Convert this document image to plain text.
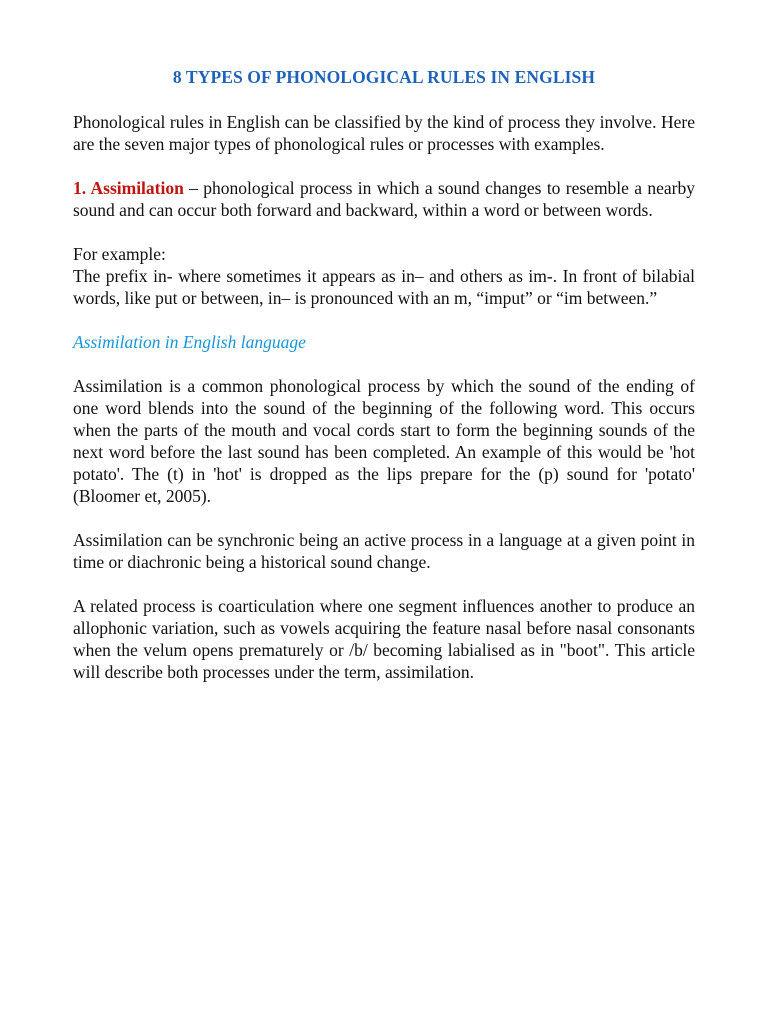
8 TYPES OF PHONOLOGICAL RULES IN ENGLISH

Phonological rules in English can be classified by the kind of process they involve. Here are the seven major types of phonological rules or processes with examples.

1. Assimilation – phonological process in which a sound changes to resemble a nearby sound and can occur both forward and backward, within a word or between words.

For example:

The prefix in- where sometimes it appears as in– and others as im-. In front of bilabial words, like put or between, in– is pronounced with an m, “imput” or “im between.”

Assimilation in English language

Assimilation is a common phonological process by which the sound of the ending of one word blends into the sound of the beginning of the following word. This occurs when the parts of the mouth and vocal cords start to form the beginning sounds of the next word before the last sound has been completed. An example of this would be 'hot potato'. The (t) in 'hot' is dropped as the lips prepare for the (p) sound for 'potato' (Bloomer et, 2005).

Assimilation can be synchronic being an active process in a language at a given point in time or diachronic being a historical sound change.

A related process is coarticulation where one segment influences another to produce an allophonic variation, such as vowels acquiring the feature nasal before nasal consonants when the velum opens prematurely or /b/ becoming labialised as in "boot". This article will describe both processes under the term, assimilation.
